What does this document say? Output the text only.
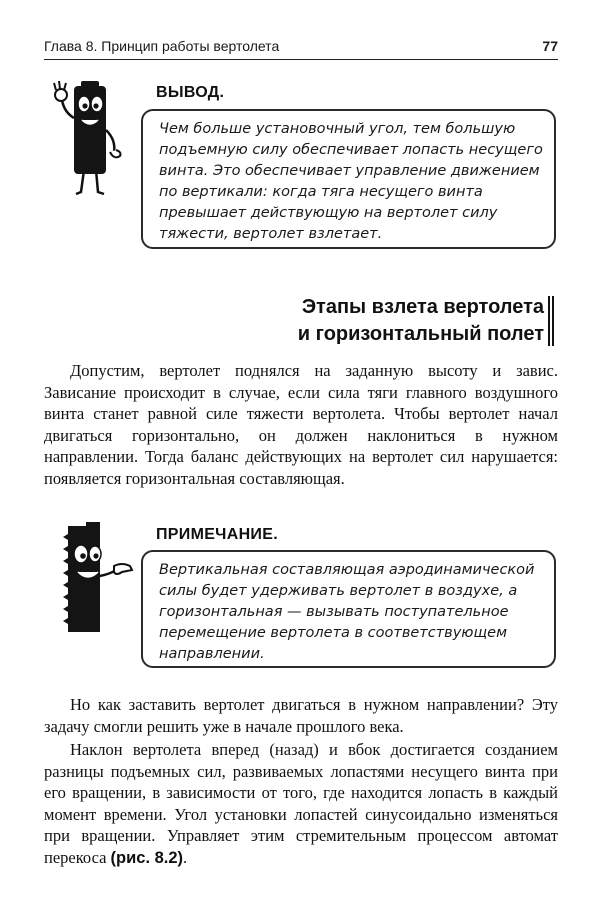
Глава 8. Принцип работы вертолета	77
ВЫВОД.

Чем больше установочный угол, тем большую подъемную силу обеспечивает лопасть несущего винта. Это обеспечивает управление движением по вертикали: когда тяга несущего винта превышает действующую на вертолет силу тяжести, вертолет взлетает.

Этапы взлета вертолета
и горизонтальный полет

Допустим, вертолет поднялся на заданную высоту и завис. Зависание происходит в случае, если сила тяги главного воздушного винта станет равной силе тяжести вертолета. Чтобы вертолет начал двигаться горизонтально, он должен наклониться в нужном направлении. Тогда баланс действующих на вертолет сил нарушается: появляется горизонтальная составляющая.

ПРИМЕЧАНИЕ.

Вертикальная составляющая аэродинамической силы будет удерживать вертолет в воздухе, а горизонтальная — вызывать поступательное перемещение вертолета в соответствующем направлении.

Но как заставить вертолет двигаться в нужном направлении? Эту задачу смогли решить уже в начале прошлого века.

Наклон вертолета вперед (назад) и вбок достигается созданием разницы подъемных сил, развиваемых лопастями несущего винта при его вращении, в зависимости от того, где находится лопасть в каждый момент времени. Угол установки лопастей синусоидально изменяться при вращении. Управляет этим стремительным процессом автомат перекоса (рис. 8.2).
